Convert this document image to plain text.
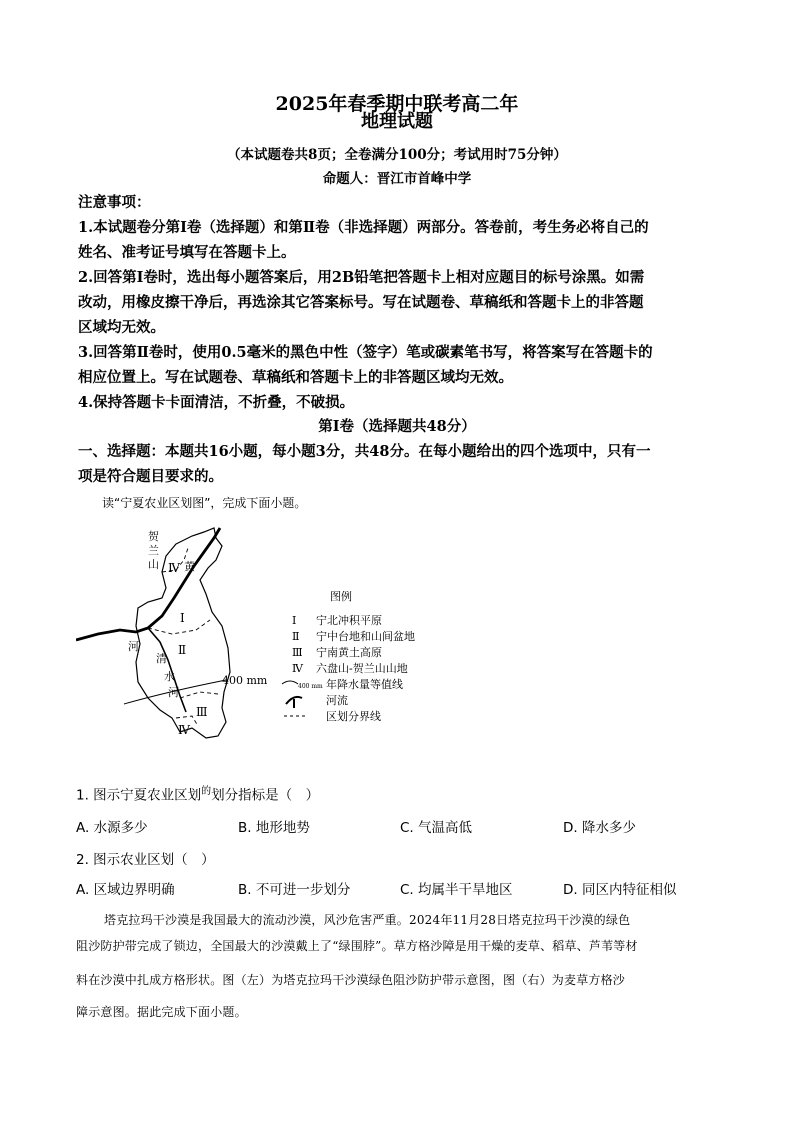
2025年春季期中联考高二年
地理试题
（本试题卷共8页；全卷满分100分；考试用时75分钟）
命题人：晋江市首峰中学
注意事项：
1.本试题卷分第Ⅰ卷（选择题）和第Ⅱ卷（非选择题）两部分。答卷前，考生务必将自己的
姓名、准考证号填写在答题卡上。
2.回答第Ⅰ卷时，选出每小题答案后，用2B铅笔把答题卡上相对应题目的标号涂黑。如需
改动，用橡皮擦干净后，再选涂其它答案标号。写在试题卷、草稿纸和答题卡上的非答题
区域均无效。
3.回答第Ⅱ卷时，使用0.5毫米的黑色中性（签字）笔或碳素笔书写，将答案写在答题卡的
相应位置上。写在试题卷、草稿纸和答题卡上的非答题区域均无效。
4.保持答题卡卡面清洁，不折叠，不破损。
第Ⅰ卷（选择题共48分）
一、选择题：本题共16小题，每小题3分，共48分。在每小题给出的四个选项中，只有一
项是符合题目要求的。
读“宁夏农业区划图”，完成下面小题。
贺
兰
山 Ⅳ 黄
Ⅰ
河
清
Ⅱ
水
河
400 mm
Ⅲ
Ⅳ
图例
Ⅰ 宁北冲积平原
Ⅱ 宁中台地和山间盆地
Ⅲ 宁南黄土高原
Ⅳ 六盘山-贺兰山山地
400 mm 年降水量等值线
河流
区划分界线
1. 图示宁夏农业区划$^的$划分指标是（　）
A. 水源多少	B. 地形地势	C. 气温高低	D. 降水多少
2. 图示农业区划（　）
A. 区域边界明确	B. 不可进一步划分	C. 均属半干旱地区	D. 同区内特征相似
塔克拉玛干沙漠是我国最大的流动沙漠，风沙危害严重。2024年11月28日塔克拉玛干沙漠的绿色
阻沙防护带完成了锁边，全国最大的沙漠戴上了“绿围脖”。草方格沙障是用干燥的麦草、稻草、芦苇等材
料在沙漠中扎成方格形状。图（左）为塔克拉玛干沙漠绿色阻沙防护带示意图，图（右）为麦草方格沙
障示意图。据此完成下面小题。
